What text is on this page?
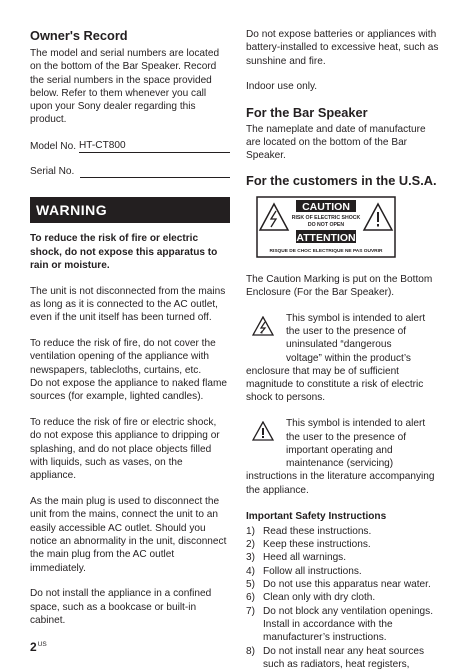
Owner's Record

The model and serial numbers are located on the bottom of the Bar Speaker. Record the serial numbers in the space provided below. Refer to them whenever you call upon your Sony dealer regarding this product.

Model No. HT-CT800
Serial No.
WARNING

To reduce the risk of fire or electric shock, do not expose this apparatus to rain or moisture.

The unit is not disconnected from the mains as long as it is connected to the AC outlet, even if the unit itself has been turned off.

To reduce the risk of fire, do not cover the ventilation opening of the appliance with newspapers, tablecloths, curtains, etc.

Do not expose the appliance to naked flame sources (for example, lighted candles).

To reduce the risk of fire or electric shock, do not expose this appliance to dripping or splashing, and do not place objects filled with liquids, such as vases, on the appliance.

As the main plug is used to disconnect the unit from the mains, connect the unit to an easily accessible AC outlet. Should you notice an abnormality in the unit, disconnect the main plug from the AC outlet immediately.

Do not install the appliance in a confined space, such as a bookcase or built-in cabinet.

Do not expose batteries or appliances with battery-installed to excessive heat, such as sunshine and fire.

Indoor use only.

For the Bar Speaker

The nameplate and date of manufacture are located on the bottom of the Bar Speaker.

For the customers in the U.S.A.
CAUTION
RISK OF ELECTRIC SHOCK
DO NOT OPEN
ATTENTION
RISQUE DE CHOC ELECTRIQUE NE PAS OUVRIR

The Caution Marking is put on the Bottom Enclosure (For the Bar Speaker).

This symbol is intended to alert

the user to the presence of

uninsulated “dangerous

voltage” within the product’s

enclosure that may be of sufficient magnitude to constitute a risk of electric shock to persons.

This symbol is intended to alert

the user to the presence of

important operating and

maintenance (servicing)

instructions in the literature accompanying the appliance.

Important Safety Instructions

1) Read these instructions.
2) Keep these instructions.
3) Heed all warnings.
4) Follow all instructions.
5) Do not use this apparatus near water.
6) Clean only with dry cloth.
7) Do not block any ventilation openings. Install in accordance with the manufacturer’s instructions.
8) Do not install near any heat sources such as radiators, heat registers,
$2^{US}$
